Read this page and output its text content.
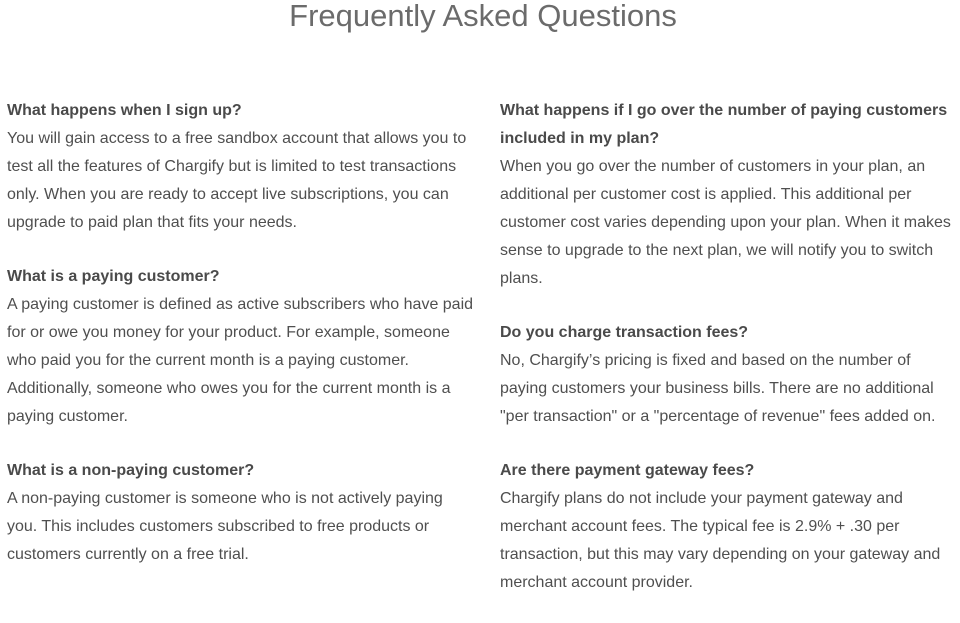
Frequently Asked Questions

What happens when I sign up?

You will gain access to a free sandbox account that allows you to test all the features of Chargify but is limited to test transactions only. When you are ready to accept live subscriptions, you can upgrade to paid plan that fits your needs.

What is a paying customer?

A paying customer is defined as active subscribers who have paid for or owe you money for your product. For example, someone who paid you for the current month is a paying customer. Additionally, someone who owes you for the current month is a paying customer.

What is a non-paying customer?

A non-paying customer is someone who is not actively paying you. This includes customers subscribed to free products or customers currently on a free trial.

What happens if I go over the number of paying customers included in my plan?

When you go over the number of customers in your plan, an additional per customer cost is applied. This additional per customer cost varies depending upon your plan. When it makes sense to upgrade to the next plan, we will notify you to switch plans.

Do you charge transaction fees?

No, Chargify’s pricing is fixed and based on the number of paying customers your business bills. There are no additional "per transaction" or a "percentage of revenue" fees added on.

Are there payment gateway fees?

Chargify plans do not include your payment gateway and merchant account fees. The typical fee is 2.9% + .30 per transaction, but this may vary depending on your gateway and merchant account provider.
